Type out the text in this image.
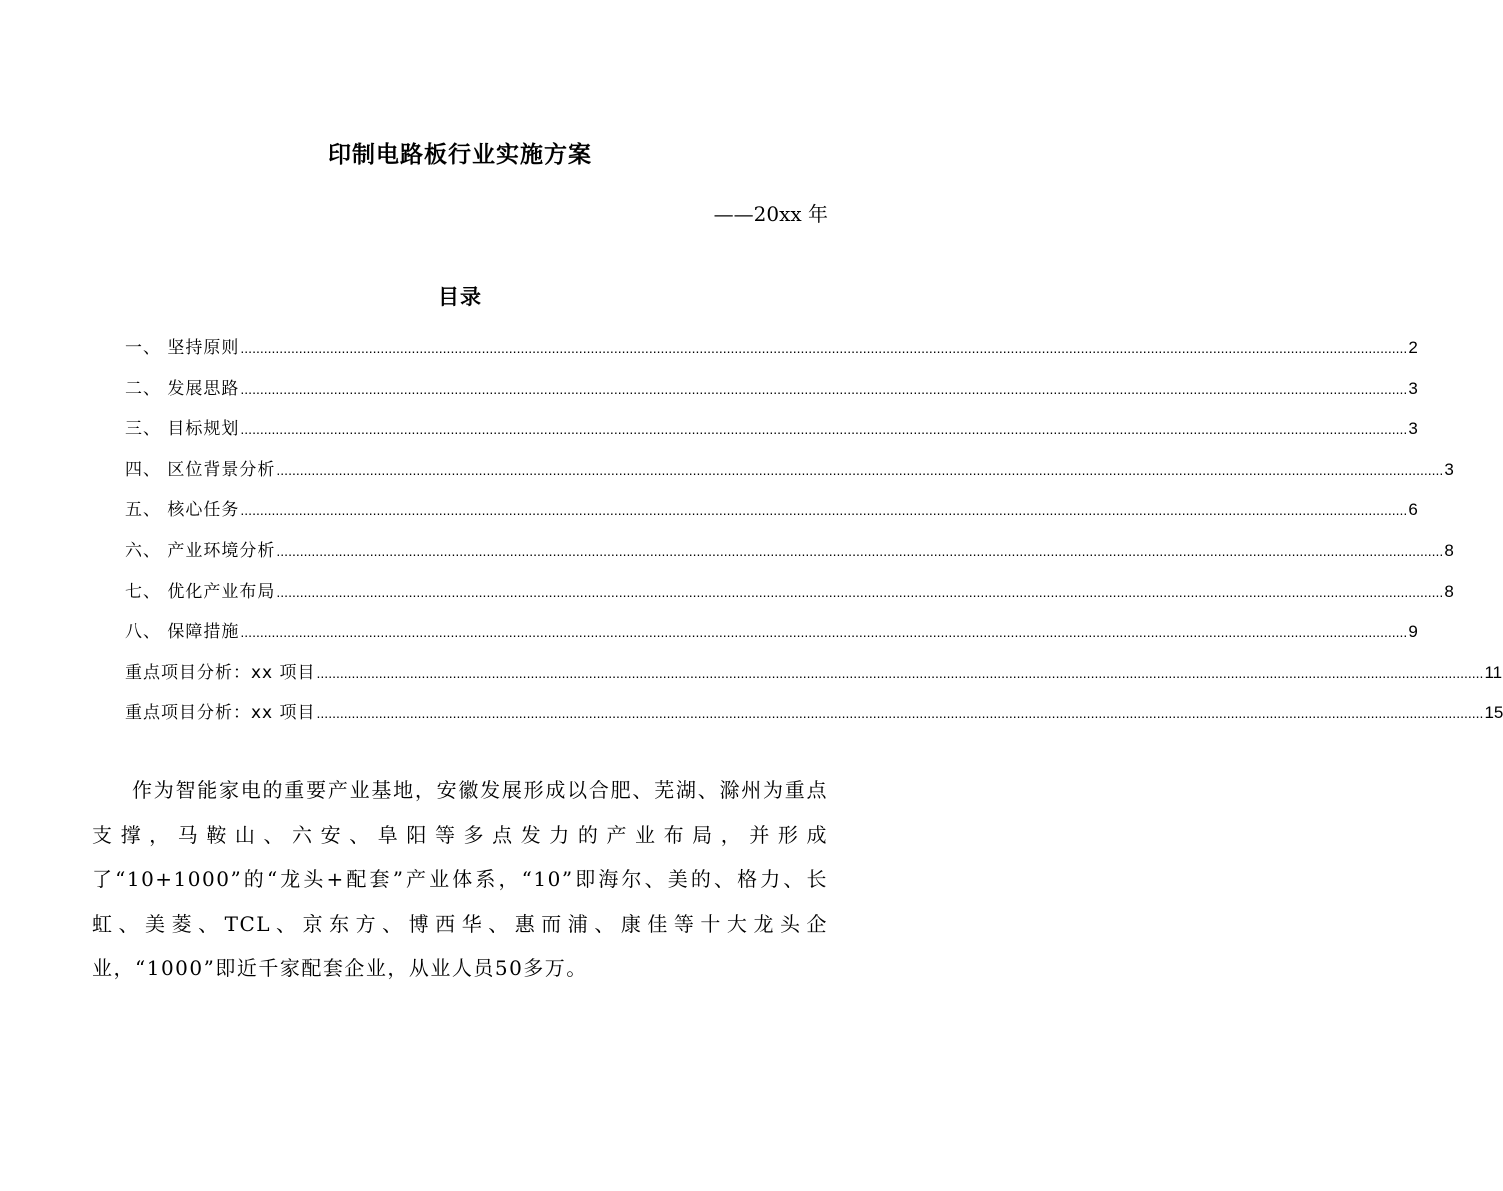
印制电路板行业实施方案
——20xx 年
目录
一、 坚持原则 ............................................................................................................................................................................................................................................................................................................ 2
二、 发展思路 ............................................................................................................................................................................................................................................................................................................ 3
三、 目标规划 ............................................................................................................................................................................................................................................................................................................ 3
四、 区位背景分析 ............................................................................................................................................................................................................................................................................................................ 3
五、 核心任务 ............................................................................................................................................................................................................................................................................................................ 6
六、 产业环境分析 ............................................................................................................................................................................................................................................................................................................ 8
七、 优化产业布局 ............................................................................................................................................................................................................................................................................................................ 8
八、 保障措施 ............................................................................................................................................................................................................................................................................................................ 9
重点项目分析：xx 项目 ............................................................................................................................................................................................................................................................................................................ 11
重点项目分析：xx 项目 ............................................................................................................................................................................................................................................................................................................ 15

作为智能家电的重要产业基地，安徽发展形成以合肥、芜湖、滁州为重点支撑，马鞍山、六安、阜阳等多点发力的产业布局，并形成了“10+1000”的“龙头+配套”产业体系，“10”即海尔、美的、格力、长虹、美菱、TCL、京东方、博西华、惠而浦、康佳等十大龙头企业，“1000”即近千家配套企业，从业人员50多万。
